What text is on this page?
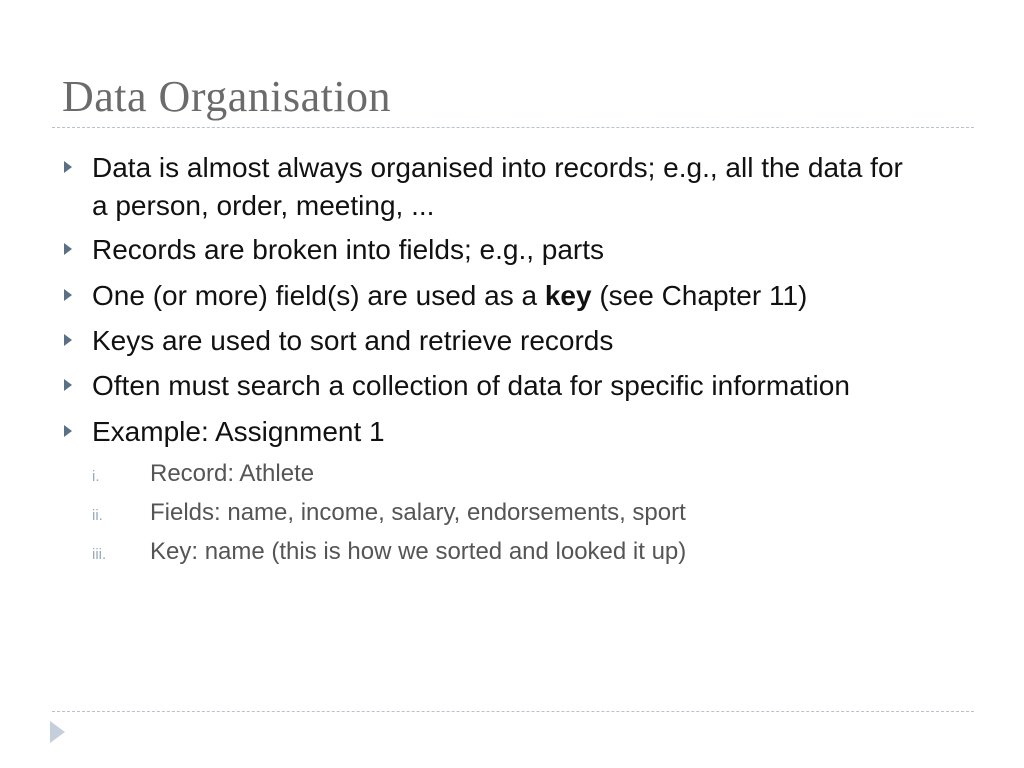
Data Organisation
Data is almost always organised into records; e.g., all the data for
a person, order, meeting, ...
Records are broken into fields; e.g., parts
One (or more) field(s) are used as a key (see Chapter 11)
Keys are used to sort and retrieve records
Often must search a collection of data for specific information
Example: Assignment 1
i. Record: Athlete
ii. Fields: name, income, salary, endorsements, sport
iii. Key: name (this is how we sorted and looked it up)
